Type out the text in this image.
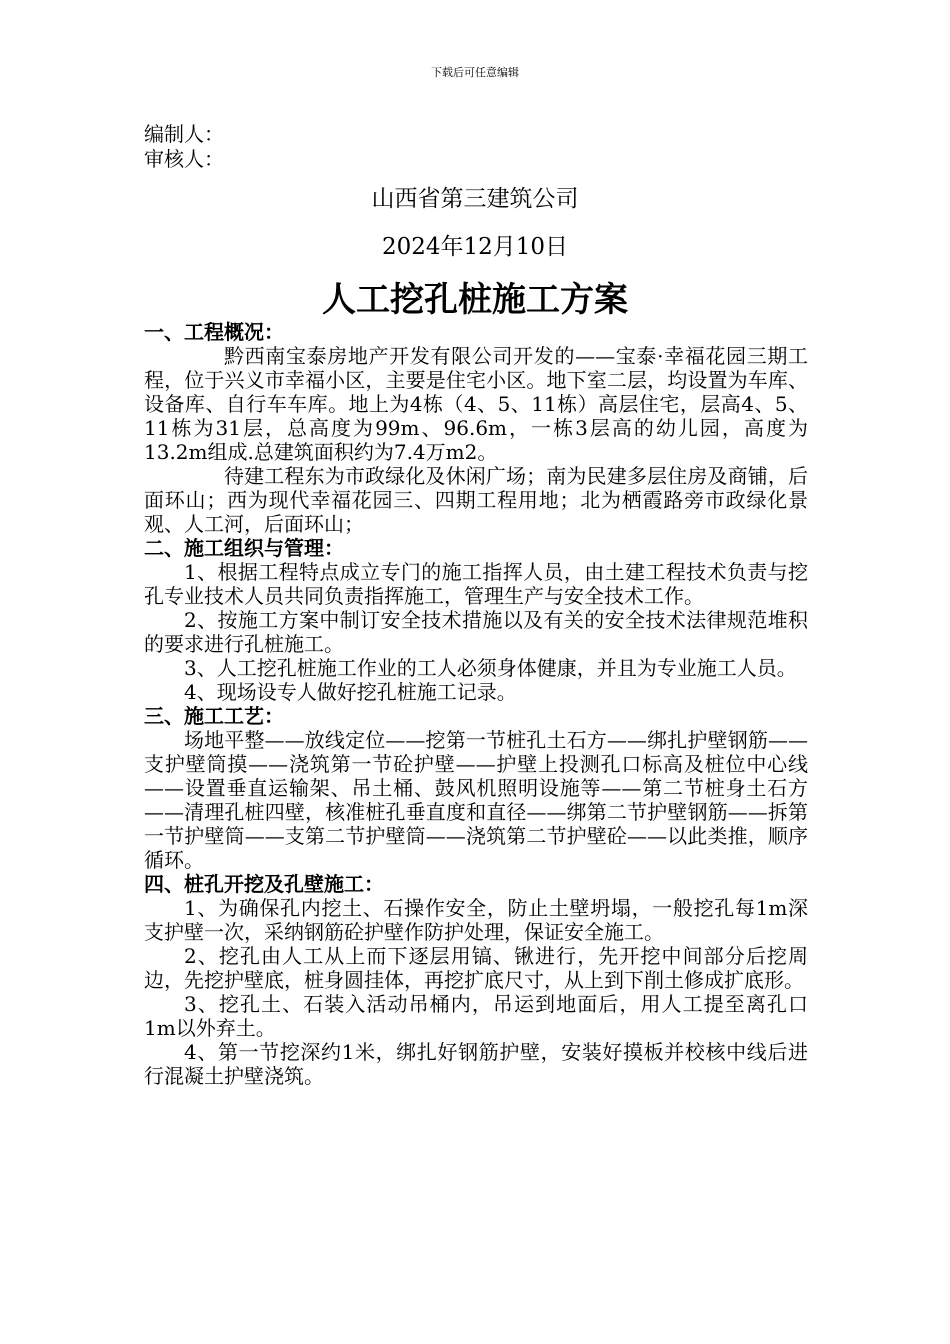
下载后可任意编辑

编制人：

审核人：

山西省第三建筑公司

2024年12月10日

人工挖孔桩施工方案
一、工程概况：

黔西南宝泰房地产开发有限公司开发的——宝泰·幸福花园三期工程，位于兴义市幸福小区，主要是住宅小区。地下室二层，均设置为车库、设备库、自行车车库。地上为4栋（4、5、11栋）高层住宅，层高4、5、11栋为31层，总高度为99m、96.6m，一栋3层高的幼儿园，高度为13.2m组成.总建筑面积约为7.4万m2。

待建工程东为市政绿化及休闲广场；南为民建多层住房及商铺，后面环山；西为现代幸福花园三、四期工程用地；北为栖霞路旁市政绿化景观、人工河，后面环山；

二、施工组织与管理：

1、根据工程特点成立专门的施工指挥人员，由土建工程技术负责与挖孔专业技术人员共同负责指挥施工，管理生产与安全技术工作。

2、按施工方案中制订安全技术措施以及有关的安全技术法律规范堆积的要求进行孔桩施工。

3、人工挖孔桩施工作业的工人必须身体健康，并且为专业施工人员。

4、现场设专人做好挖孔桩施工记录。

三、施工工艺：

场地平整——放线定位——挖第一节桩孔土石方——绑扎护壁钢筋——支护壁筒摸——浇筑第一节砼护壁——护壁上投测孔口标高及桩位中心线——设置垂直运输架、吊土桶、鼓风机照明设施等——第二节桩身土石方——清理孔桩四壁，核准桩孔垂直度和直径——绑第二节护壁钢筋——拆第一节护壁筒——支第二节护壁筒——浇筑第二节护壁砼——以此类推，顺序循环。

四、桩孔开挖及孔壁施工：

1、为确保孔内挖土、石操作安全，防止土壁坍塌，一般挖孔每1m深支护壁一次，采纳钢筋砼护壁作防护处理，保证安全施工。

2、挖孔由人工从上而下逐层用镐、锹进行，先开挖中间部分后挖周边，先挖护壁底，桩身圆挂体，再挖扩底尺寸，从上到下削土修成扩底形。

3、挖孔土、石装入活动吊桶内，吊运到地面后，用人工提至离孔口1m以外弃土。

4、第一节挖深约1米，绑扎好钢筋护壁，安装好摸板并校核中线后进行混凝土护壁浇筑。
